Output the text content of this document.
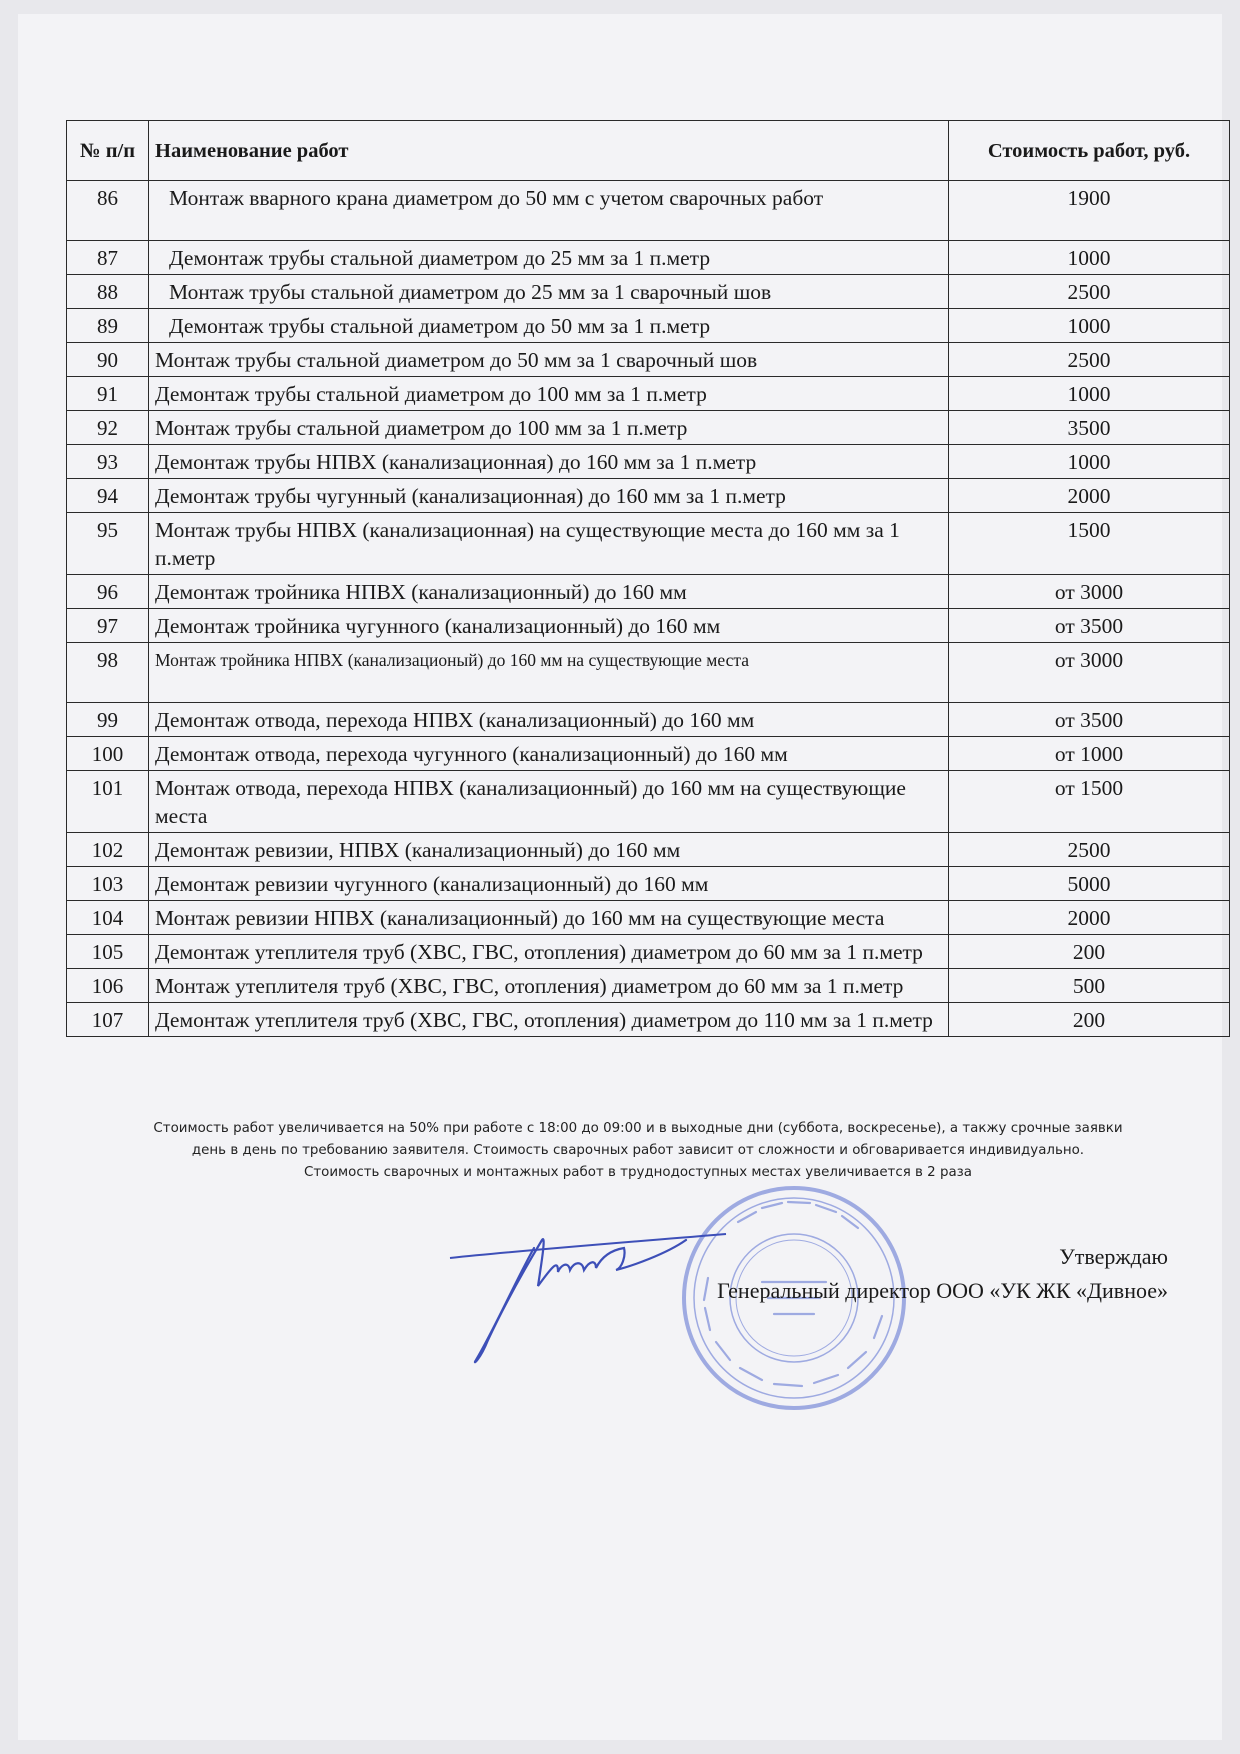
№ п/п	Наименование работ	Стоимость работ, руб.
86	Монтаж вварного крана диаметром до 50 мм с учетом сварочных работ	1900
87	Демонтаж трубы стальной диаметром до 25 мм за 1 п.метр	1000
88	Монтаж трубы стальной диаметром до 25 мм за 1 сварочный шов	2500
89	Демонтаж трубы стальной диаметром до 50 мм за 1 п.метр	1000
90	Монтаж трубы стальной диаметром до 50 мм за 1 сварочный шов	2500
91	Демонтаж трубы стальной диаметром до 100 мм за 1 п.метр	1000
92	Монтаж трубы стальной диаметром до 100 мм за 1 п.метр	3500
93	Демонтаж трубы НПВХ (канализационная) до 160 мм за 1 п.метр	1000
94	Демонтаж трубы чугунный (канализационная) до 160 мм за 1 п.метр	2000
95	Монтаж трубы НПВХ (канализационная) на существующие места до 160 мм за 1 п.метр	1500
96	Демонтаж тройника НПВХ (канализационный) до 160 мм	от 3000
97	Демонтаж тройника чугунного (канализационный) до 160 мм	от 3500
98	Монтаж тройника НПВХ (канализационый) до 160 мм на существующие места	от 3000
99	Демонтаж отвода, перехода НПВХ (канализационный) до 160 мм	от 3500
100	Демонтаж отвода, перехода чугунного (канализационный) до 160 мм	от 1000
101	Монтаж отвода, перехода НПВХ (канализационный) до 160 мм на существующие места	от 1500
102	Демонтаж ревизии, НПВХ (канализационный) до 160 мм	2500
103	Демонтаж ревизии чугунного (канализационный) до 160 мм	5000
104	Монтаж ревизии НПВХ (канализационный) до 160 мм на существующие места	2000
105	Демонтаж утеплителя труб (ХВС, ГВС, отопления) диаметром до 60 мм за 1 п.метр	200
106	Монтаж утеплителя труб (ХВС, ГВС, отопления) диаметром до 60 мм за 1 п.метр	500
107	Демонтаж утеплителя труб (ХВС, ГВС, отопления) диаметром до 110 мм за 1 п.метр	200
Стоимость работ увеличивается на 50% при работе с 18:00 до 09:00 и в выходные дни (суббота, воскресенье), а такжу срочные заявки
день в день по требованию заявителя. Стоимость сварочных работ зависит от сложности и обговаривается индивидуально.
Стоимость сварочных и монтажных работ в труднодоступных местах увеличивается в 2 раза
Утверждаю
Генеральный директор ООО «УК ЖК «Дивное»
